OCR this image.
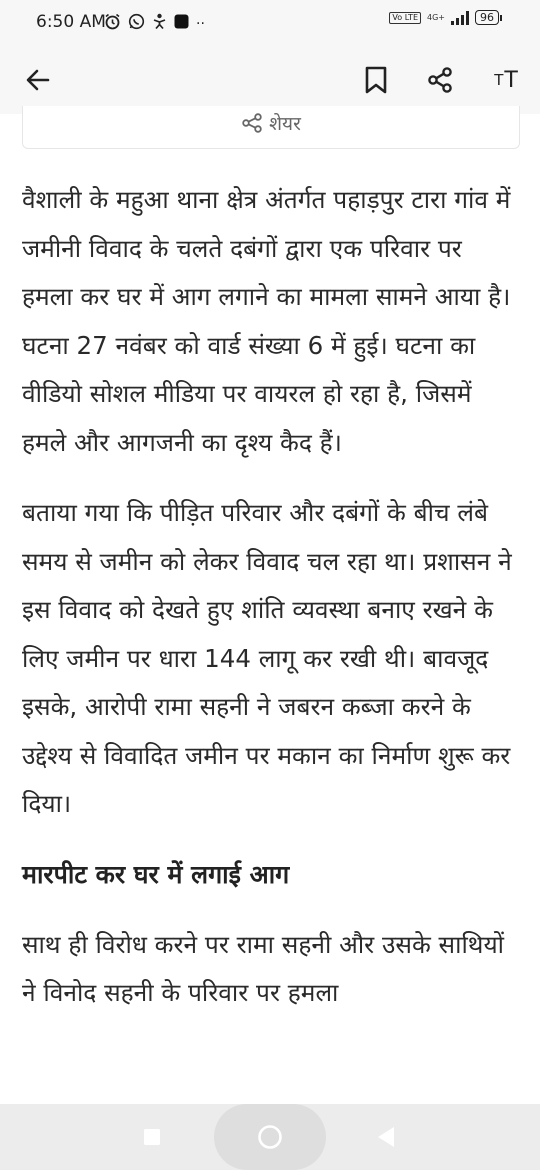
6:50 AM	··	Vo LTE	4G+	96
T T
शेयर

वैशाली के महुआ थाना क्षेत्र अंतर्गत पहाड़पुर टारा गांव में जमीनी विवाद के चलते दबंगों द्वारा एक परिवार पर हमला कर घर में आग लगाने का मामला सामने आया है। घटना 27 नवंबर को वार्ड संख्या 6 में हुई। घटना का वीडियो सोशल मीडिया पर वायरल हो रहा है, जिसमें हमले और आगजनी का दृश्य कैद हैं।

बताया गया कि पीड़ित परिवार और दबंगों के बीच लंबे समय से जमीन को लेकर विवाद चल रहा था। प्रशासन ने इस विवाद को देखते हुए शांति व्यवस्था बनाए रखने के लिए जमीन पर धारा 144 लागू कर रखी थी। बावजूद इसके, आरोपी रामा सहनी ने जबरन कब्जा करने के उद्देश्य से विवादित जमीन पर मकान का निर्माण शुरू कर दिया।

मारपीट कर घर में लगाई आग

साथ ही विरोध करने पर रामा सहनी और उसके साथियों ने विनोद सहनी के परिवार पर हमला
